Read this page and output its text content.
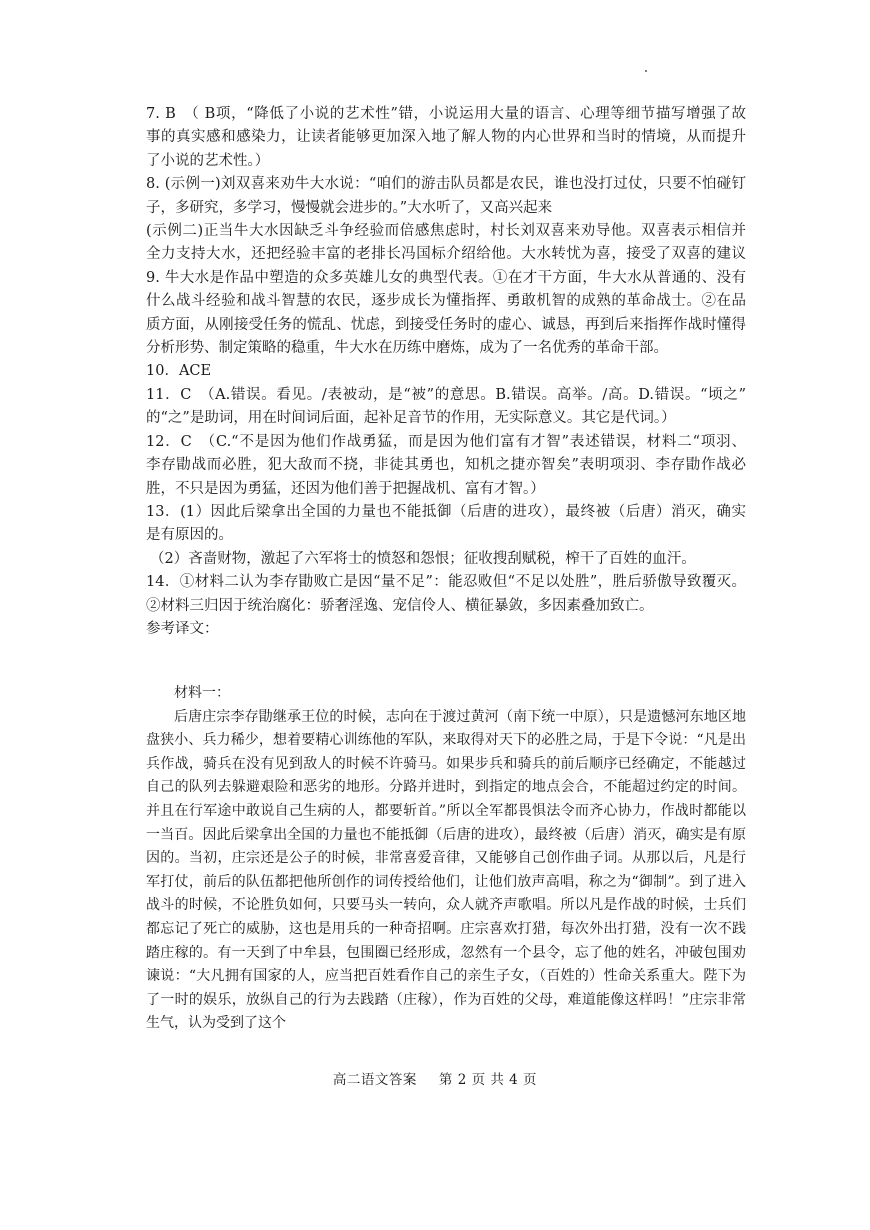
7. B　（ B项，“降低了小说的艺术性”错，小说运用大量的语言、心理等细节描写增强了故

事的真实感和感染力，让读者能够更加深入地了解人物的内心世界和当时的情境，从而提升

了小说的艺术性。）

8. (示例一)刘双喜来劝牛大水说：“咱们的游击队员都是农民，谁也没打过仗，只要不怕碰钉

子，多研究，多学习，慢慢就会进步的。”大水听了，又高兴起来

(示例二)正当牛大水因缺乏斗争经验而倍感焦虑时，村长刘双喜来劝导他。双喜表示相信并

全力支持大水，还把经验丰富的老排长冯国标介绍给他。大水转忧为喜，接受了双喜的建议

9. 牛大水是作品中塑造的众多英雄儿女的典型代表。①在才干方面，牛大水从普通的、没有

什么战斗经验和战斗智慧的农民，逐步成长为懂指挥、勇敢机智的成熟的革命战士。②在品

质方面，从刚接受任务的慌乱、忧虑，到接受任务时的虚心、诚恳，再到后来指挥作战时懂得

分析形势、制定策略的稳重，牛大水在历练中磨炼，成为了一名优秀的革命干部。

10．ACE

11．C　（A.错误。看见。/表被动，是“被”的意思。B.错误。高举。/高。D.错误。“顷之”

的“之”是助词，用在时间词后面，起补足音节的作用，无实际意义。其它是代词。）

12．C　（C.“不是因为他们作战勇猛，而是因为他们富有才智”表述错误，材料二“项羽、

李存勖战而必胜，犯大敌而不挠，非徒其勇也，知机之捷亦智矣”表明项羽、李存勖作战必

胜，不只是因为勇猛，还因为他们善于把握战机、富有才智。）

13．(1）因此后梁拿出全国的力量也不能抵御（后唐的进攻），最终被（后唐）消灭，确实

是有原因的。

（2）吝啬财物，激起了六军将士的愤怒和怨恨；征收搜刮赋税，榨干了百姓的血汗。

14．①材料二认为李存勖败亡是因“量不足”：能忍败但“不足以处胜”，胜后骄傲导致覆灭。

②材料三归因于统治腐化：骄奢淫逸、宠信伶人、横征暴敛，多因素叠加致亡。

参考译文：

材料一：

后唐庄宗李存勖继承王位的时候，志向在于渡过黄河（南下统一中原），只是遗憾河东地区地盘狭小、兵力稀少，想着要精心训练他的军队，来取得对天下的必胜之局，于是下令说：“凡是出兵作战，骑兵在没有见到敌人的时候不许骑马。如果步兵和骑兵的前后顺序已经确定，不能越过自己的队列去躲避艰险和恶劣的地形。分路并进时，到指定的地点会合，不能超过约定的时间。并且在行军途中敢说自己生病的人，都要斩首。”所以全军都畏惧法令而齐心协力，作战时都能以一当百。因此后梁拿出全国的力量也不能抵御（后唐的进攻），最终被（后唐）消灭，确实是有原因的。当初，庄宗还是公子的时候，非常喜爱音律，又能够自己创作曲子词。从那以后，凡是行军打仗，前后的队伍都把他所创作的词传授给他们，让他们放声高唱，称之为“御制”。到了进入战斗的时候，不论胜负如何，只要马头一转向，众人就齐声歌唱。所以凡是作战的时候，士兵们都忘记了死亡的威胁，这也是用兵的一种奇招啊。庄宗喜欢打猎，每次外出打猎，没有一次不践踏庄稼的。有一天到了中牟县，包围圈已经形成，忽然有一个县令，忘了他的姓名，冲破包围劝谏说：“大凡拥有国家的人，应当把百姓看作自己的亲生子女，（百姓的）性命关系重大。陛下为了一时的娱乐，放纵自己的行为去践踏（庄稼），作为百姓的父母，难道能像这样吗！”庄宗非常生气，认为受到了这个

高二语文答案 第 2 页 共 4 页
